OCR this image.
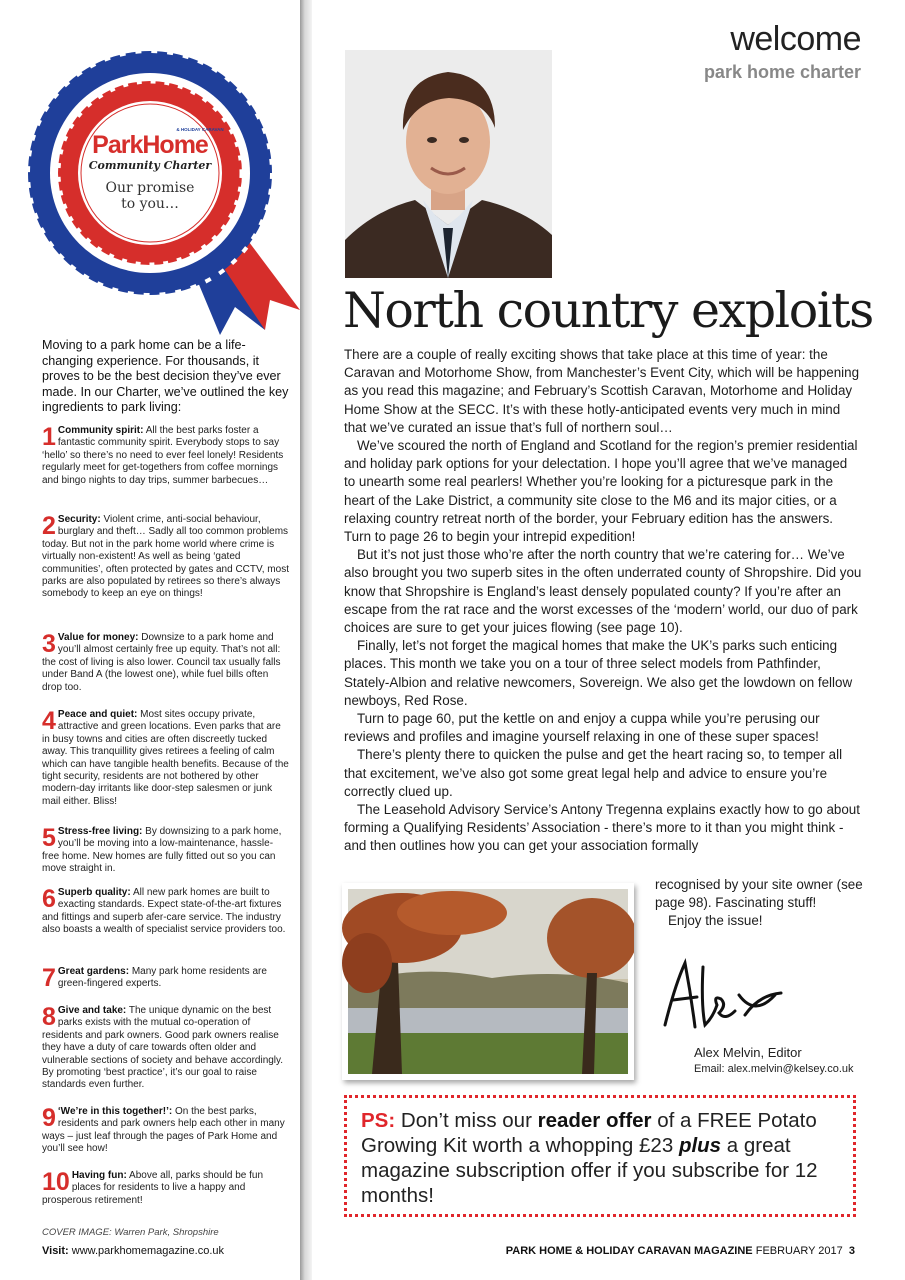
ParkHome
& HOLIDAY CARAVAN
Community Charter
Our promise
to you…
Moving to a park home can be a life-changing experience. For thousands, it proves to be the best decision they’ve ever made. In our Charter, we’ve outlined the key ingredients to park living:
1 Community spirit: All the best parks foster a fantastic community spirit. Everybody stops to say ‘hello’ so there’s no need to ever feel lonely! Residents regularly meet for get-togethers from coffee mornings and bingo nights to day trips, summer barbecues…
2 Security: Violent crime, anti-social behaviour, burglary and theft… Sadly all too common problems today. But not in the park home world where crime is virtually non-existent! As well as being ‘gated communities’, often protected by gates and CCTV, most parks are also populated by retirees so there’s always somebody to keep an eye on things!
3 Value for money: Downsize to a park home and you’ll almost certainly free up equity. That’s not all: the cost of living is also lower. Council tax usually falls under Band A (the lowest one), while fuel bills often drop too.
4 Peace and quiet: Most sites occupy private, attractive and green locations. Even parks that are in busy towns and cities are often discreetly tucked away. This tranquillity gives retirees a feeling of calm which can have tangible health benefits. Because of the tight security, residents are not bothered by other modern-day irritants like door-step salesmen or junk mail either. Bliss!
5 Stress-free living: By downsizing to a park home, you’ll be moving into a low-maintenance, hassle-free home. New homes are fully fitted out so you can move straight in.
6 Superb quality: All new park homes are built to exacting standards. Expect state-of-the-art fixtures and fittings and superb afer-care service. The industry also boasts a wealth of specialist service providers too.
7 Great gardens: Many park home residents are green-fingered experts.
8 Give and take: The unique dynamic on the best parks exists with the mutual co-operation of residents and park owners. Good park owners realise they have a duty of care towards often older and vulnerable sections of society and behave accordingly. By promoting ‘best practice’, it’s our goal to raise standards even further.
9 ‘We’re in this together!’: On the best parks, residents and park owners help each other in many ways – just leaf through the pages of Park Home and you’ll see how!
10 Having fun: Above all, parks should be fun places for residents to live a happy and prosperous retirement!
COVER IMAGE: Warren Park, Shropshire
Visit: www.parkhomemagazine.co.uk
welcome
park home charter
North country exploits

There are a couple of really exciting shows that take place at this time of year: the Caravan and Motorhome Show, from Manchester’s Event City, which will be happening as you read this magazine; and February’s Scottish Caravan, Motorhome and Holiday Home Show at the SECC. It’s with these hotly-anticipated events very much in mind that we’ve curated an issue that’s full of northern soul…

We’ve scoured the north of England and Scotland for the region’s premier residential and holiday park options for your delectation. I hope you’ll agree that we’ve managed to unearth some real pearlers! Whether you’re looking for a picturesque park in the heart of the Lake District, a community site close to the M6 and its major cities, or a relaxing country retreat north of the border, your February edition has the answers. Turn to page 26 to begin your intrepid expedition!

But it’s not just those who’re after the north country that we’re catering for… We’ve also brought you two superb sites in the often underrated county of Shropshire. Did you know that Shropshire is England’s least densely populated county? If you’re after an escape from the rat race and the worst excesses of the ‘modern’ world, our duo of park choices are sure to get your juices flowing (see page 10).

Finally, let’s not forget the magical homes that make the UK’s parks such enticing places. This month we take you on a tour of three select models from Pathfinder, Stately-Albion and relative newcomers, Sovereign. We also get the lowdown on fellow newboys, Red Rose.

Turn to page 60, put the kettle on and enjoy a cuppa while you’re perusing our reviews and profiles and imagine yourself relaxing in one of these super spaces!

There’s plenty there to quicken the pulse and get the heart racing so, to temper all that excitement, we’ve also got some great legal help and advice to ensure you’re correctly clued up.

The Leasehold Advisory Service’s Antony Tregenna explains exactly how to go about forming a Qualifying Residents’ Association - there’s more to it than you might think - and then outlines how you can get your association formally

recognised by your site owner (see page 98). Fascinating stuff!

Enjoy the issue!

Alex Melvin, Editor
Email: alex.melvin@kelsey.co.uk
PS: Don’t miss our reader offer of a FREE Potato Growing Kit worth a whopping £23 plus a great magazine subscription offer if you subscribe for 12 months!
PARK HOME & HOLIDAY CARAVAN MAGAZINE FEBRUARY 2017 3
